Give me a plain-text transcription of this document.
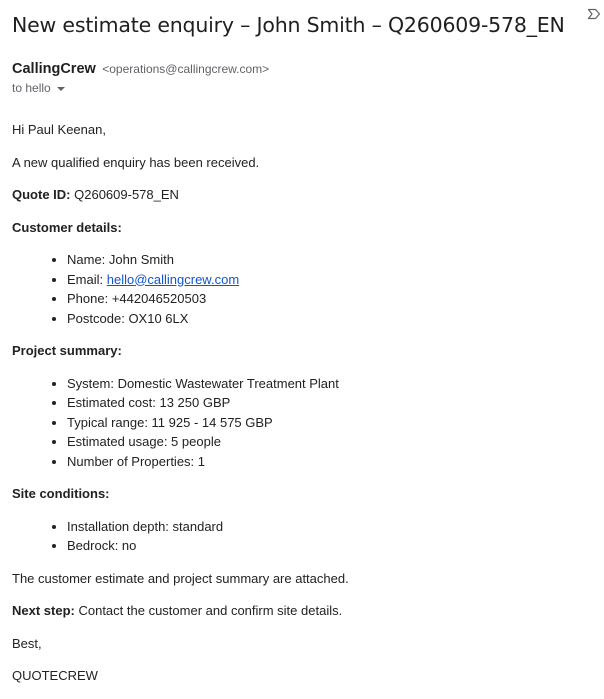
New estimate enquiry – John Smith – Q260609-578_EN
CallingCrew <operations@callingcrew.com>
to hello

Hi Paul Keenan,

A new qualified enquiry has been received.

Quote ID: Q260609-578_EN

Customer details:

• Name: John Smith
• Email: hello@callingcrew.com
• Phone: +442046520503
• Postcode: OX10 6LX

Project summary:

• System: Domestic Wastewater Treatment Plant
• Estimated cost: 13 250 GBP
• Typical range: 11 925 - 14 575 GBP
• Estimated usage: 5 people
• Number of Properties: 1

Site conditions:

• Installation depth: standard
• Bedrock: no

The customer estimate and project summary are attached.

Next step: Contact the customer and confirm site details.

Best,

QUOTECREW
